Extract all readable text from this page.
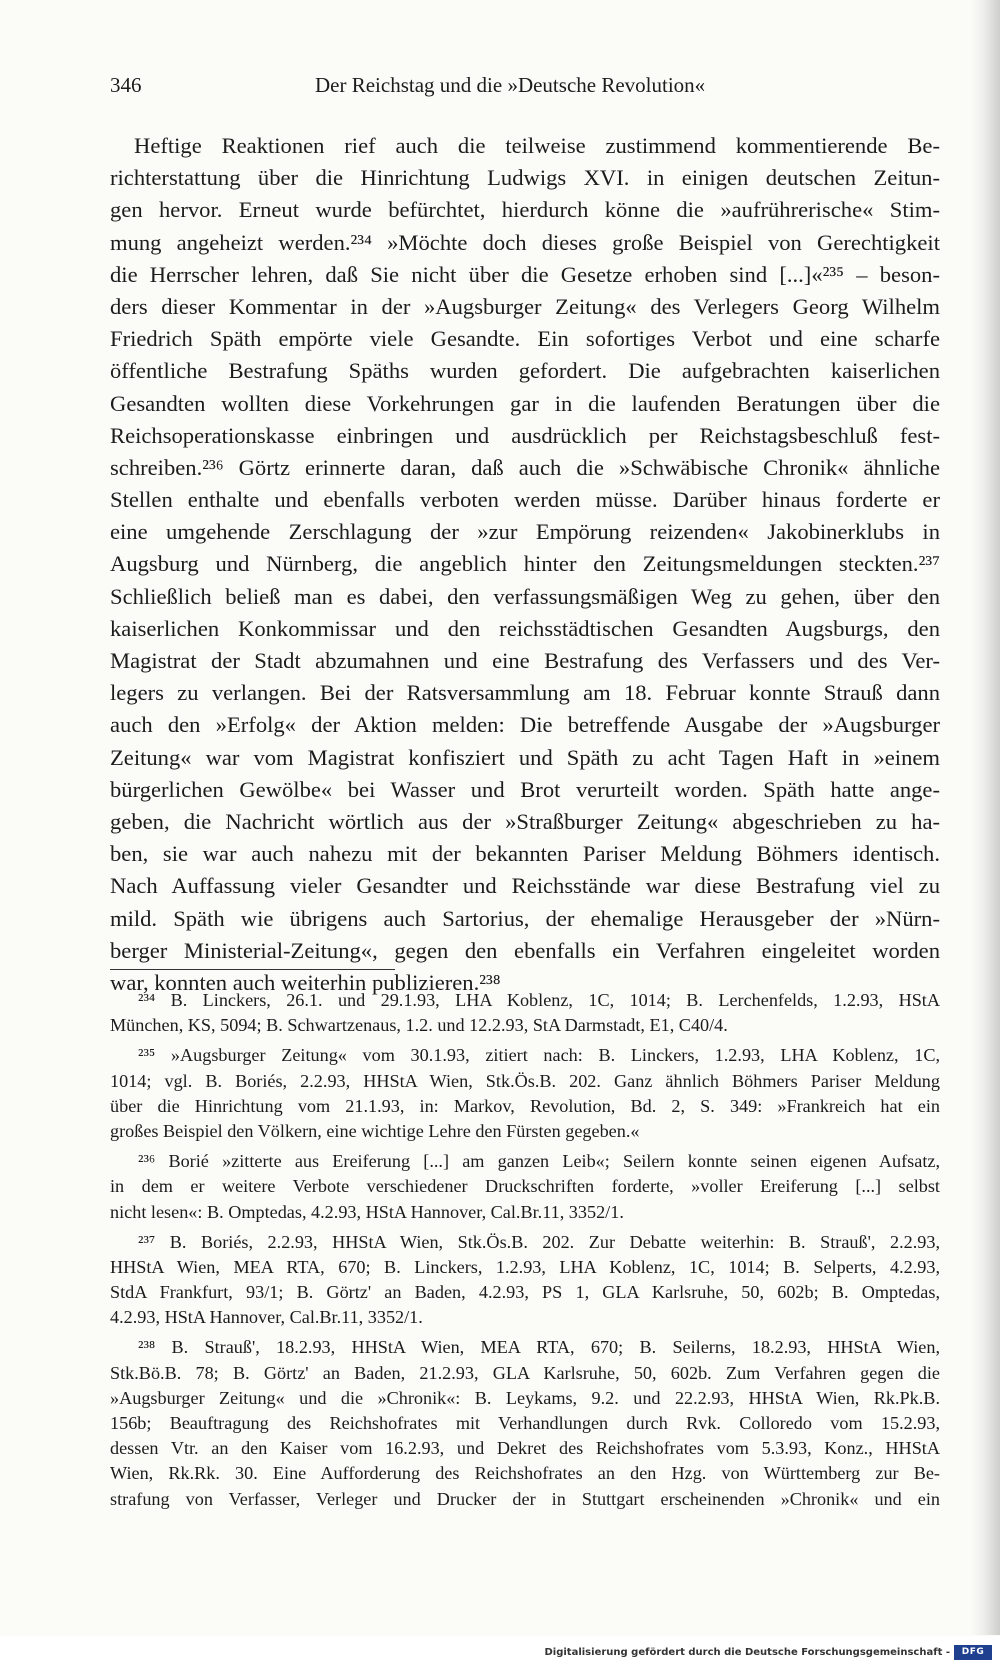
346	Der Reichstag und die »Deutsche Revolution«
Heftige Reaktionen rief auch die teilweise zustimmend kommentierende Be-
richterstattung über die Hinrichtung Ludwigs XVI. in einigen deutschen Zeitun-
gen hervor. Erneut wurde befürchtet, hierdurch könne die »aufrührerische« Stim-
mung angeheizt werden.²³⁴ »Möchte doch dieses große Beispiel von Gerechtigkeit
die Herrscher lehren, daß Sie nicht über die Gesetze erhoben sind [...]«²³⁵ – beson-
ders dieser Kommentar in der »Augsburger Zeitung« des Verlegers Georg Wilhelm
Friedrich Späth empörte viele Gesandte. Ein sofortiges Verbot und eine scharfe
öffentliche Bestrafung Späths wurden gefordert. Die aufgebrachten kaiserlichen
Gesandten wollten diese Vorkehrungen gar in die laufenden Beratungen über die
Reichsoperationskasse einbringen und ausdrücklich per Reichstagsbeschluß fest-
schreiben.²³⁶ Görtz erinnerte daran, daß auch die »Schwäbische Chronik« ähnliche
Stellen enthalte und ebenfalls verboten werden müsse. Darüber hinaus forderte er
eine umgehende Zerschlagung der »zur Empörung reizenden« Jakobinerklubs in
Augsburg und Nürnberg, die angeblich hinter den Zeitungsmeldungen steckten.²³⁷
Schließlich beließ man es dabei, den verfassungsmäßigen Weg zu gehen, über den
kaiserlichen Konkommissar und den reichsstädtischen Gesandten Augsburgs, den
Magistrat der Stadt abzumahnen und eine Bestrafung des Verfassers und des Ver-
legers zu verlangen. Bei der Ratsversammlung am 18. Februar konnte Strauß dann
auch den »Erfolg« der Aktion melden: Die betreffende Ausgabe der »Augsburger
Zeitung« war vom Magistrat konfisziert und Späth zu acht Tagen Haft in »einem
bürgerlichen Gewölbe« bei Wasser und Brot verurteilt worden. Späth hatte ange-
geben, die Nachricht wörtlich aus der »Straßburger Zeitung« abgeschrieben zu ha-
ben, sie war auch nahezu mit der bekannten Pariser Meldung Böhmers identisch.
Nach Auffassung vieler Gesandter und Reichsstände war diese Bestrafung viel zu
mild. Späth wie übrigens auch Sartorius, der ehemalige Herausgeber der »Nürn-
berger Ministerial-Zeitung«, gegen den ebenfalls ein Verfahren eingeleitet worden
war, konnten auch weiterhin publizieren.²³⁸
²³⁴ B. Linckers, 26.1. und 29.1.93, LHA Koblenz, 1C, 1014; B. Lerchenfelds, 1.2.93, HStA
München, KS, 5094; B. Schwartzenaus, 1.2. und 12.2.93, StA Darmstadt, E1, C40/4.
²³⁵ »Augsburger Zeitung« vom 30.1.93, zitiert nach: B. Linckers, 1.2.93, LHA Koblenz, 1C,
1014; vgl. B. Boriés, 2.2.93, HHStA Wien, Stk.Ös.B. 202. Ganz ähnlich Böhmers Pariser Meldung
über die Hinrichtung vom 21.1.93, in: Markov, Revolution, Bd. 2, S. 349: »Frankreich hat ein
großes Beispiel den Völkern, eine wichtige Lehre den Fürsten gegeben.«
²³⁶ Borié »zitterte aus Ereiferung [...] am ganzen Leib«; Seilern konnte seinen eigenen Aufsatz,
in dem er weitere Verbote verschiedener Druckschriften forderte, »voller Ereiferung [...] selbst
nicht lesen«: B. Omptedas, 4.2.93, HStA Hannover, Cal.Br.11, 3352/1.
²³⁷ B. Boriés, 2.2.93, HHStA Wien, Stk.Ös.B. 202. Zur Debatte weiterhin: B. Strauß', 2.2.93,
HHStA Wien, MEA RTA, 670; B. Linckers, 1.2.93, LHA Koblenz, 1C, 1014; B. Selperts, 4.2.93,
StdA Frankfurt, 93/1; B. Görtz' an Baden, 4.2.93, PS 1, GLA Karlsruhe, 50, 602b; B. Omptedas,
4.2.93, HStA Hannover, Cal.Br.11, 3352/1.
²³⁸ B. Strauß', 18.2.93, HHStA Wien, MEA RTA, 670; B. Seilerns, 18.2.93, HHStA Wien,
Stk.Bö.B. 78; B. Görtz' an Baden, 21.2.93, GLA Karlsruhe, 50, 602b. Zum Verfahren gegen die
»Augsburger Zeitung« und die »Chronik«: B. Leykams, 9.2. und 22.2.93, HHStA Wien, Rk.Pk.B.
156b; Beauftragung des Reichshofrates mit Verhandlungen durch Rvk. Colloredo vom 15.2.93,
dessen Vtr. an den Kaiser vom 16.2.93, und Dekret des Reichshofrates vom 5.3.93, Konz., HHStA
Wien, Rk.Rk. 30. Eine Aufforderung des Reichshofrates an den Hzg. von Württemberg zur Be-
strafung von Verfasser, Verleger und Drucker der in Stuttgart erscheinenden »Chronik« und ein
Digitalisierung gefördert durch die Deutsche Forschungsgemeinschaft -	DFG
